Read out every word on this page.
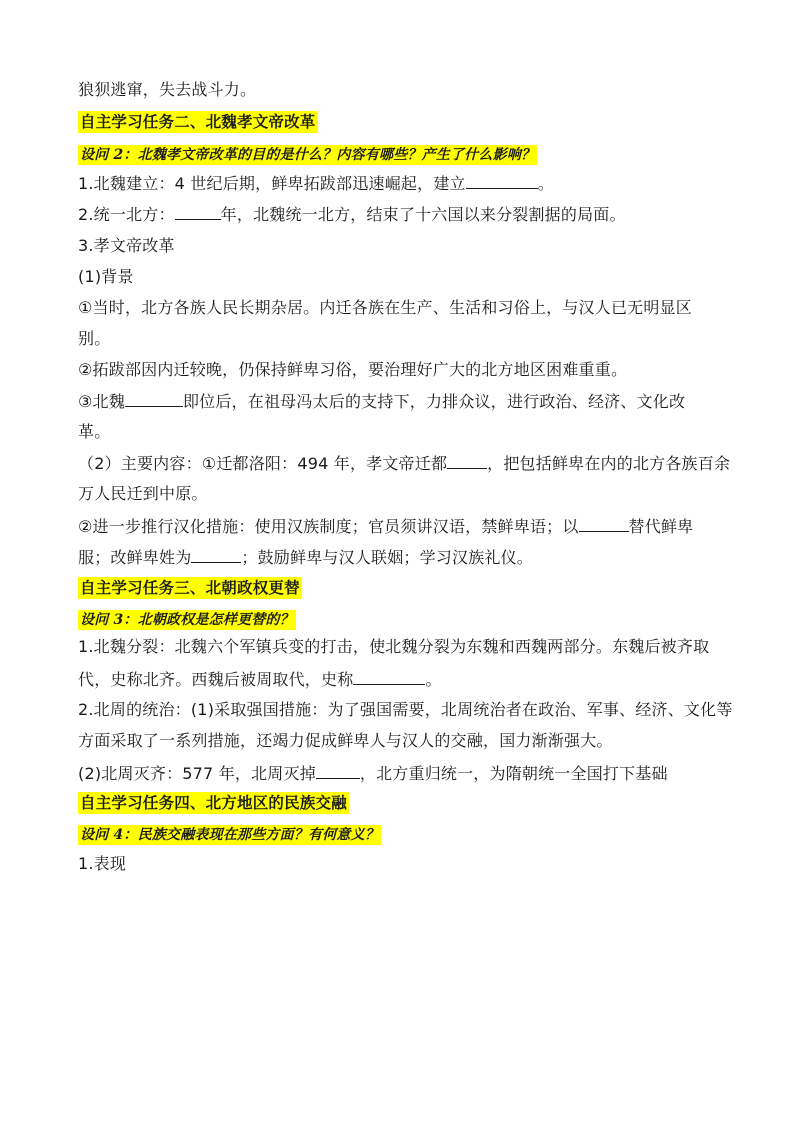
狼狈逃窜，失去战斗力。
自主学习任务二、北魏孝文帝改革
设问 2：北魏孝文帝改革的目的是什么？内容有哪些？产生了什么影响？
1.北魏建立：4 世纪后期，鲜卑拓跋部迅速崛起，建立	。
2.统一北方：	年，北魏统一北方，结束了十六国以来分裂割据的局面。
3.孝文帝改革
(1)背景
①当时，北方各族人民长期杂居。内迁各族在生产、生活和习俗上，与汉人已无明显区
别。
②拓跋部因内迁较晚，仍保持鲜卑习俗，要治理好广大的北方地区困难重重。
③北魏	即位后，在祖母冯太后的支持下，力排众议，进行政治、经济、文化改
革。
（2）主要内容：①迁都洛阳：494 年，孝文帝迁都	，把包括鲜卑在内的北方各族百余
万人民迁到中原。
②进一步推行汉化措施：使用汉族制度；官员须讲汉语，禁鲜卑语；以	替代鲜卑
服；改鲜卑姓为	；鼓励鲜卑与汉人联姻；学习汉族礼仪。
自主学习任务三、北朝政权更替
设问 3：北朝政权是怎样更替的？
1.北魏分裂：北魏六个军镇兵变的打击，使北魏分裂为东魏和西魏两部分。东魏后被齐取
代，史称北齐。西魏后被周取代，史称	。
2.北周的统治：(1)采取强国措施：为了强国需要，北周统治者在政治、军事、经济、文化等
方面采取了一系列措施，还竭力促成鲜卑人与汉人的交融，国力渐渐强大。
(2)北周灭齐：577 年，北周灭掉	，北方重归统一，为隋朝统一全国打下基础
自主学习任务四、北方地区的民族交融
设问 4：民族交融表现在那些方面？有何意义？
1.表现
